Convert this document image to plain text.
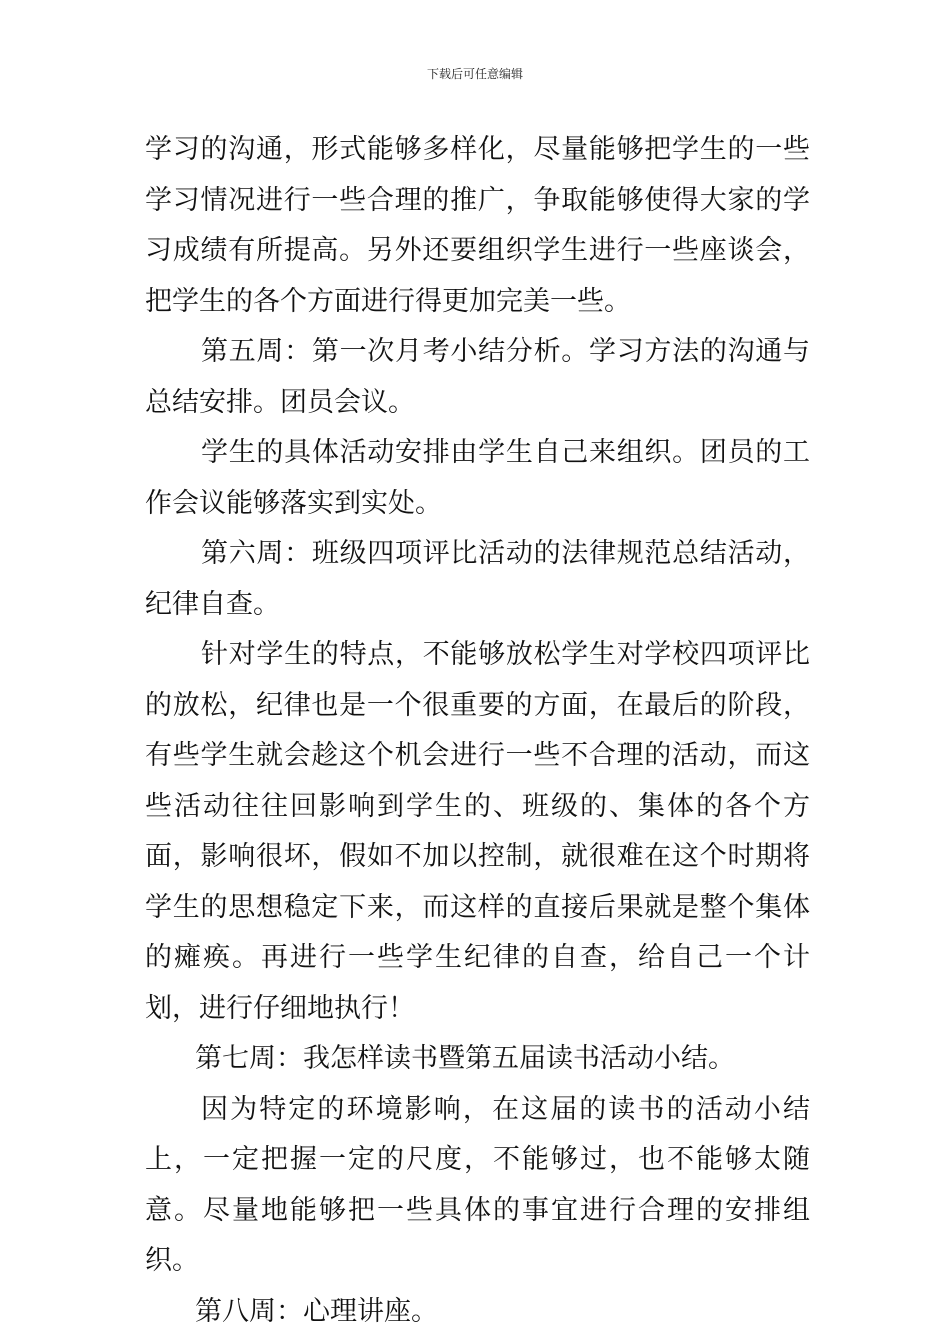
下载后可任意编辑

学习的沟通，形式能够多样化，尽量能够把学生的一些学习情况进行一些合理的推广，争取能够使得大家的学习成绩有所提高。另外还要组织学生进行一些座谈会，把学生的各个方面进行得更加完美一些。

第五周：第一次月考小结分析。学习方法的沟通与总结安排。团员会议。

学生的具体活动安排由学生自己来组织。团员的工作会议能够落实到实处。

第六周：班级四项评比活动的法律规范总结活动，纪律自查。

针对学生的特点，不能够放松学生对学校四项评比的放松，纪律也是一个很重要的方面，在最后的阶段，有些学生就会趁这个机会进行一些不合理的活动，而这些活动往往回影响到学生的、班级的、集体的各个方面，影响很坏，假如不加以控制，就很难在这个时期将学生的思想稳定下来，而这样的直接后果就是整个集体的瘫痪。再进行一些学生纪律的自查，给自己一个计划，进行仔细地执行！

第七周：我怎样读书暨第五届读书活动小结。

因为特定的环境影响，在这届的读书的活动小结上，一定把握一定的尺度，不能够过，也不能够太随意。尽量地能够把一些具体的事宜进行合理的安排组织。

第八周：心理讲座。
